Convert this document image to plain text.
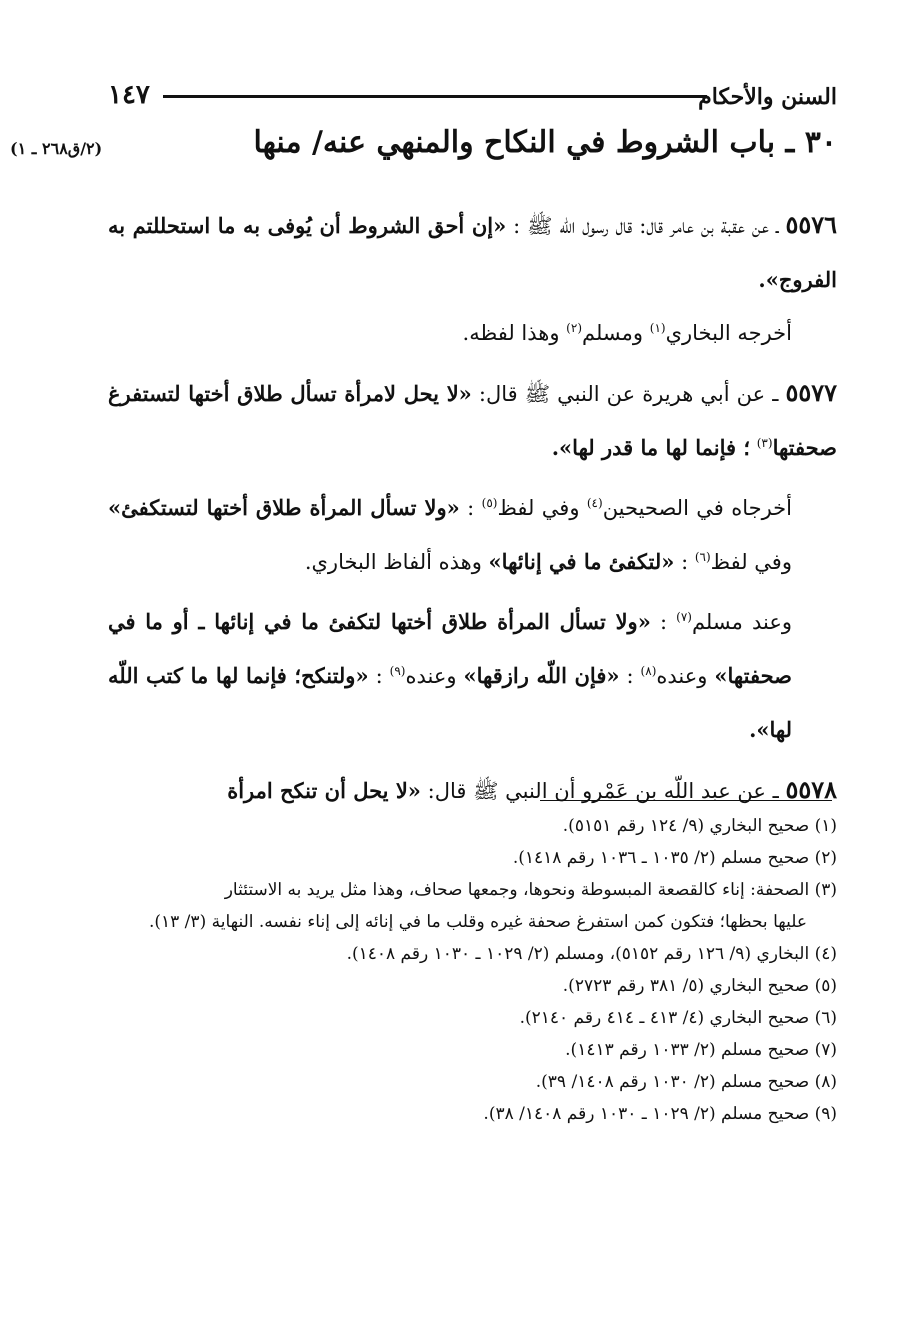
السنن والأحكام
١٤٧
٣٠ ـ باب الشروط في النكاح والمنهي عنه/ منها
(٢/ق٢٦٨ ـ ١)

٥٥٧٦ ـ عن عقبة بن عامر قال: قال رسول اللّه ﷺ : «إن أحق الشروط أن يُوفى به ما استحللتم به الفروج».

أخرجه البخاري$^{(١)}$ ومسلم$^{(٢)}$ وهذا لفظه.

٥٥٧٧ ـ عن أبي هريرة عن النبي ﷺ قال: «لا يحل لامرأة تسأل طلاق أختها لتستفرغ صحفتها$^{(٣)}$ ؛ فإنما لها ما قدر لها».

أخرجاه في الصحيحين$^{(٤)}$ وفي لفظ$^{(٥)}$ : «ولا تسأل المرأة طلاق أختها لتستكفئ» وفي لفظ$^{(٦)}$ : «لتكفئ ما في إنائها» وهذه ألفاظ البخاري.

وعند مسلم$^{(٧)}$ : «ولا تسأل المرأة طلاق أختها لتكفئ ما في إنائها ـ أو ما في صحفتها» وعنده$^{(٨)}$ : «فإن اللّه رازقها» وعنده$^{(٩)}$ : «ولتنكح؛ فإنما لها ما كتب اللّه لها».

٥٥٧٨ ـ عن عبد اللّه بن عَمْرو أن النبي ﷺ قال: «لا يحل أن تنكح امرأة

(١) صحيح البخاري (٩/ ١٢٤ رقم ٥١٥١).

(٢) صحيح مسلم (٢/ ١٠٣٥ ـ ١٠٣٦ رقم ١٤١٨).

(٣) الصحفة: إناء كالقصعة المبسوطة ونحوها، وجمعها صحاف، وهذا مثل يريد به الاستئثار
عليها بحظها؛ فتكون كمن استفرغ صحفة غيره وقلب ما في إنائه إلى إناء نفسه. النهاية (٣/ ١٣).

(٤) البخاري (٩/ ١٢٦ رقم ٥١٥٢)، ومسلم (٢/ ١٠٢٩ ـ ١٠٣٠ رقم ١٤٠٨).

(٥) صحيح البخاري (٥/ ٣٨١ رقم ٢٧٢٣).

(٦) صحيح البخاري (٤/ ٤١٣ ـ ٤١٤ رقم ٢١٤٠).

(٧) صحيح مسلم (٢/ ١٠٣٣ رقم ١٤١٣).

(٨) صحيح مسلم (٢/ ١٠٣٠ رقم ١٤٠٨/ ٣٩).

(٩) صحيح مسلم (٢/ ١٠٢٩ ـ ١٠٣٠ رقم ١٤٠٨/ ٣٨).
